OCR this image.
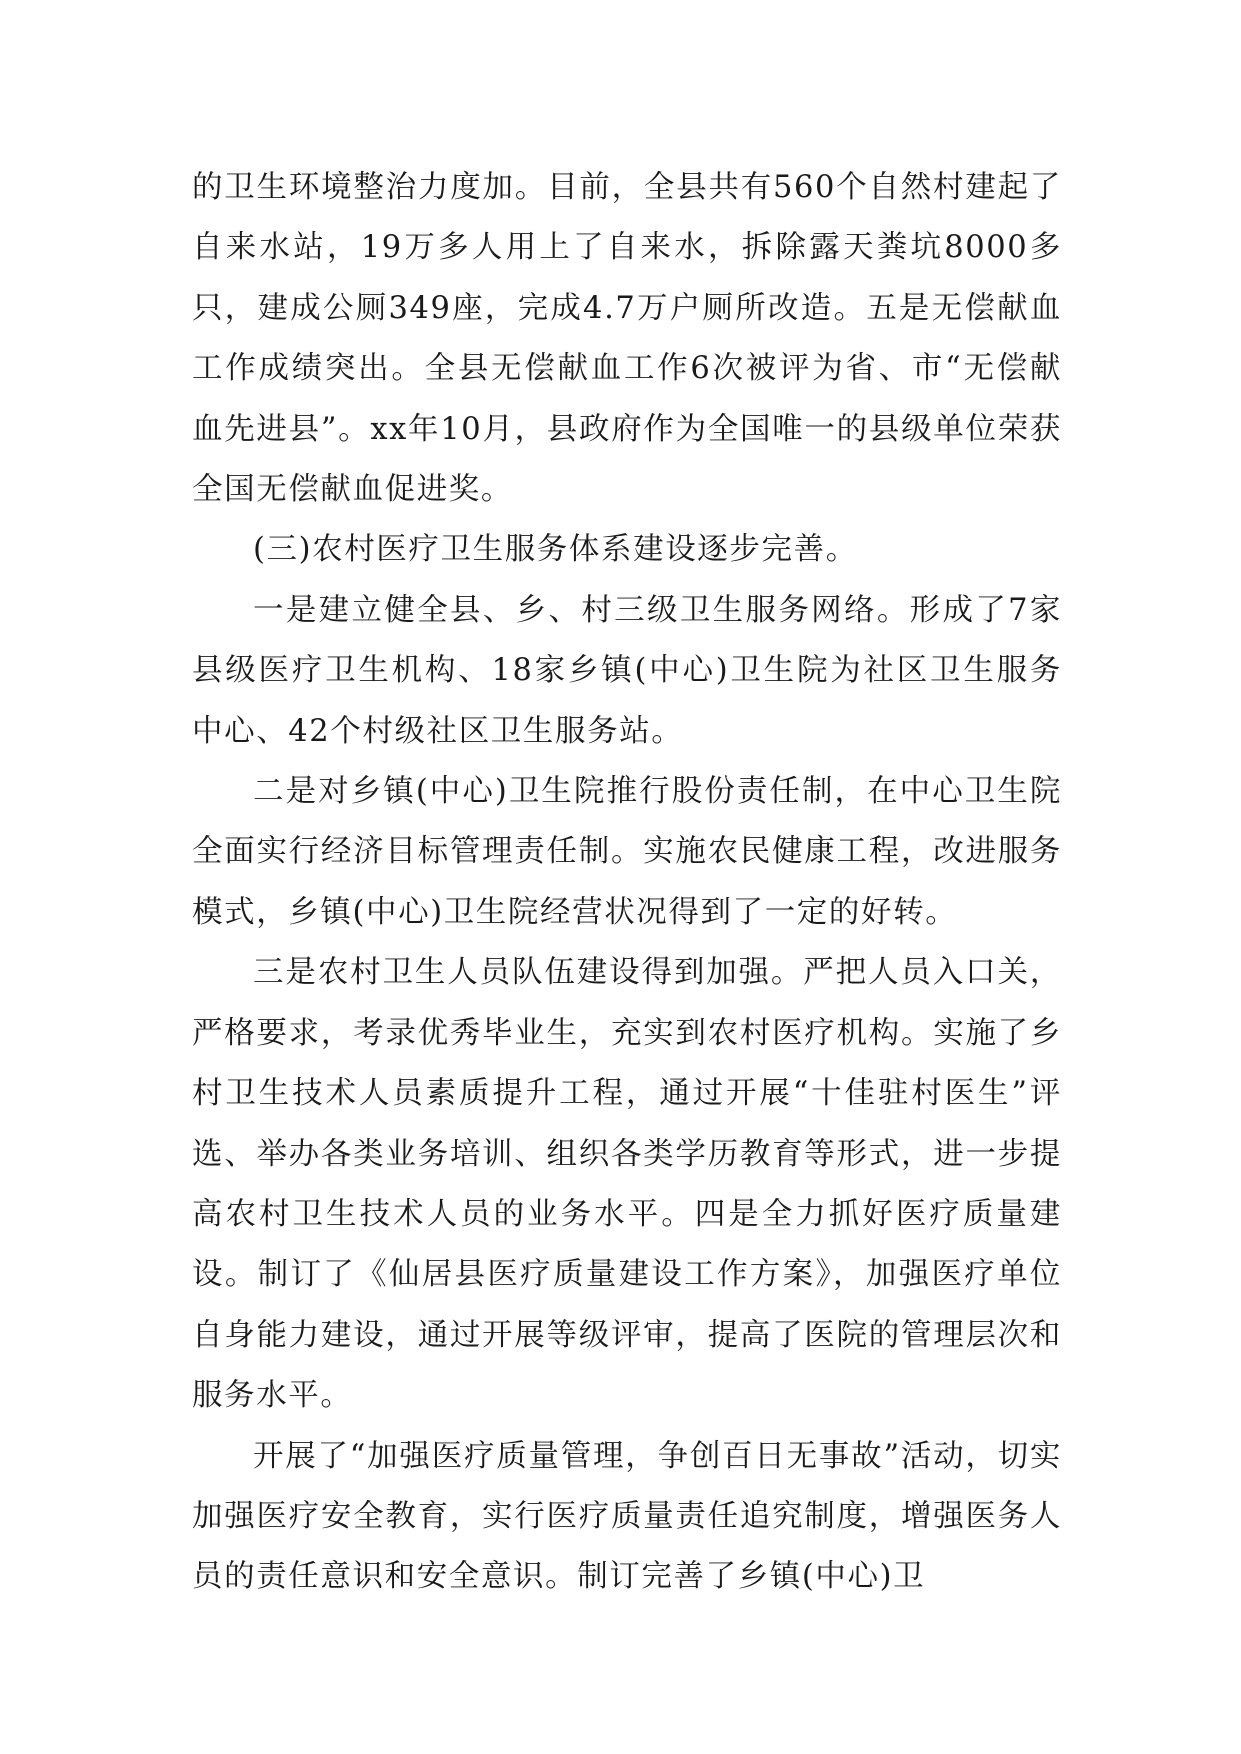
的卫生环境整治力度加。目前，全县共有560个自然村建起了自来水站，19万多人用上了自来水，拆除露天粪坑8000多只，建成公厕349座，完成4.7万户厕所改造。五是无偿献血工作成绩突出。全县无偿献血工作6次被评为省、市“无偿献血先进县”。xx年10月，县政府作为全国唯一的县级单位荣获全国无偿献血促进奖。

(三)农村医疗卫生服务体系建设逐步完善。

一是建立健全县、乡、村三级卫生服务网络。形成了7家县级医疗卫生机构、18家乡镇(中心)卫生院为社区卫生服务中心、42个村级社区卫生服务站。

二是对乡镇(中心)卫生院推行股份责任制，在中心卫生院全面实行经济目标管理责任制。实施农民健康工程，改进服务模式，乡镇(中心)卫生院经营状况得到了一定的好转。

三是农村卫生人员队伍建设得到加强。严把人员入口关，严格要求，考录优秀毕业生，充实到农村医疗机构。实施了乡村卫生技术人员素质提升工程，通过开展“十佳驻村医生”评选、举办各类业务培训、组织各类学历教育等形式，进一步提高农村卫生技术人员的业务水平。四是全力抓好医疗质量建设。制订了《仙居县医疗质量建设工作方案》，加强医疗单位自身能力建设，通过开展等级评审，提高了医院的管理层次和服务水平。

开展了“加强医疗质量管理，争创百日无事故”活动，切实加强医疗安全教育，实行医疗质量责任追究制度，增强医务人员的责任意识和安全意识。制订完善了乡镇(中心)卫
